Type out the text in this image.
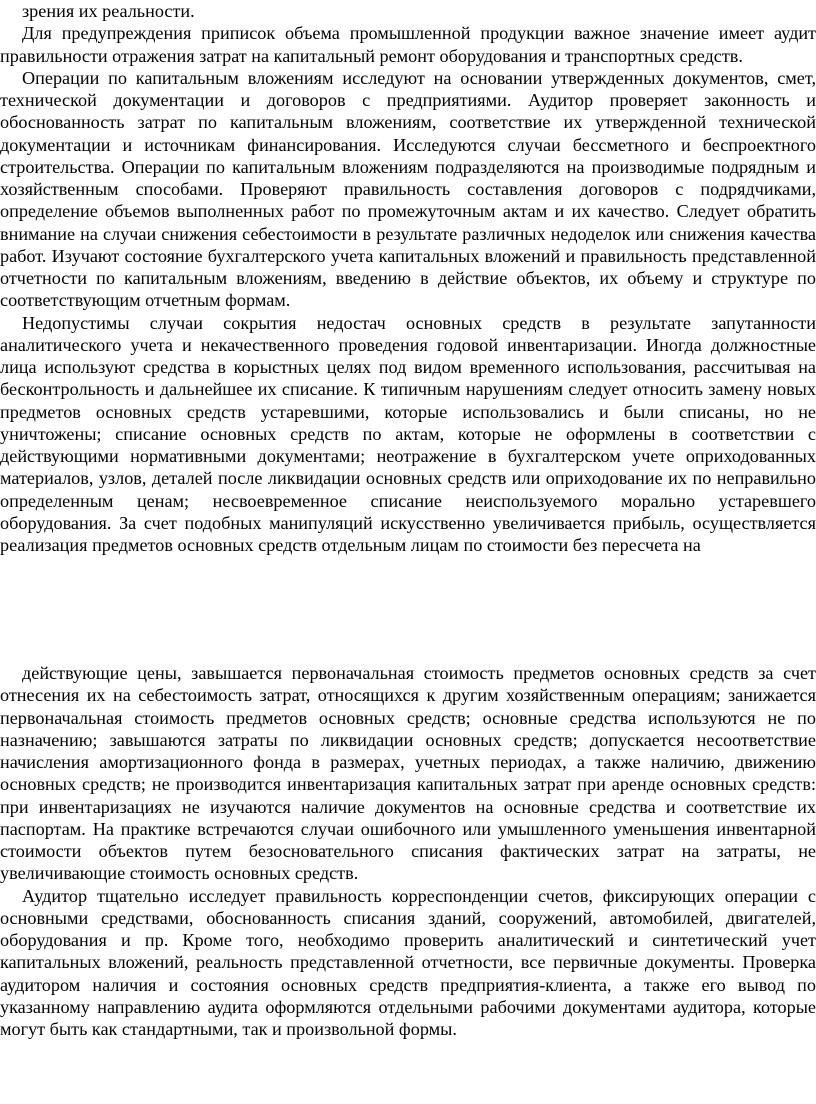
зрения их реальности.

Для предупреждения приписок объема промышленной продукции важное значение имеет аудит правильности отражения затрат на капитальный ремонт оборудования и транспортных средств.

Операции по капитальным вложениям исследуют на основании утвержденных документов, смет, технической документации и договоров с предприятиями. Аудитор проверяет законность и обоснованность затрат по капитальным вложениям, соответствие их утвержденной технической документации и источникам финансирования. Исследуются случаи бессметного и беспроектного строительства. Операции по капитальным вложениям подразделяются на производимые подрядным и хозяйственным способами. Проверяют правильность составления договоров с подрядчиками, определение объемов выполненных работ по промежуточным актам и их качество. Следует обратить внимание на случаи снижения себестоимости в результате различных недоделок или снижения качества работ. Изучают состояние бухгалтерского учета капитальных вложений и правильность представленной отчетности по капитальным вложениям, введению в действие объектов, их объему и структуре по соответствующим отчетным формам.

Недопустимы случаи сокрытия недостач основных средств в результате запутанности аналитического учета и некачественного проведения годовой инвентаризации. Иногда должностные лица используют средства в корыстных целях под видом временного использования, рассчитывая на бесконтрольность и дальнейшее их списание. К типичным нарушениям следует относить замену новых предметов основных средств устаревшими, которые использовались и были списаны, но не уничтожены; списание основных средств по актам, которые не оформлены в соответствии с действующими нормативными документами; неотражение в бухгалтерском учете оприходованных материалов, узлов, деталей после ликвидации основных средств или оприходование их по неправильно определенным ценам; несвоевременное списание неиспользуемого морально устаревшего оборудования. За счет подобных манипуляций искусственно увеличивается прибыль, осуществляется реализация предметов основных средств отдельным лицам по стоимости без пересчета на

действующие цены, завышается первоначальная стоимость предметов основных средств за счет отнесения их на себестоимость затрат, относящихся к другим хозяйственным операциям; занижается первоначальная стоимость предметов основных средств; основные средства используются не по назначению; завышаются затраты по ликвидации основных средств; допускается несоответствие начисления амортизационного фонда в размерах, учетных периодах, а также наличию, движению основных средств; не производится инвентаризация капитальных затрат при аренде основных средств: при инвентаризациях не изучаются наличие документов на основные средства и соответствие их паспортам. На практике встречаются случаи ошибочного или умышленного уменьшения инвентарной стоимости объектов путем безосновательного списания фактических затрат на затраты, не увеличивающие стоимость основных средств.

Аудитор тщательно исследует правильность корреспонденции счетов, фиксирующих операции с основными средствами, обоснованность списания зданий, сооружений, автомобилей, двигателей, оборудования и пр. Кроме того, необходимо проверить аналитический и синтетический учет капитальных вложений, реальность представленной отчетности, все первичные документы. Проверка аудитором наличия и состояния основных средств предприятия-клиента, а также его вывод по указанному направлению аудита оформляются отдельными рабочими документами аудитора, которые могут быть как стандартными, так и произвольной формы.
